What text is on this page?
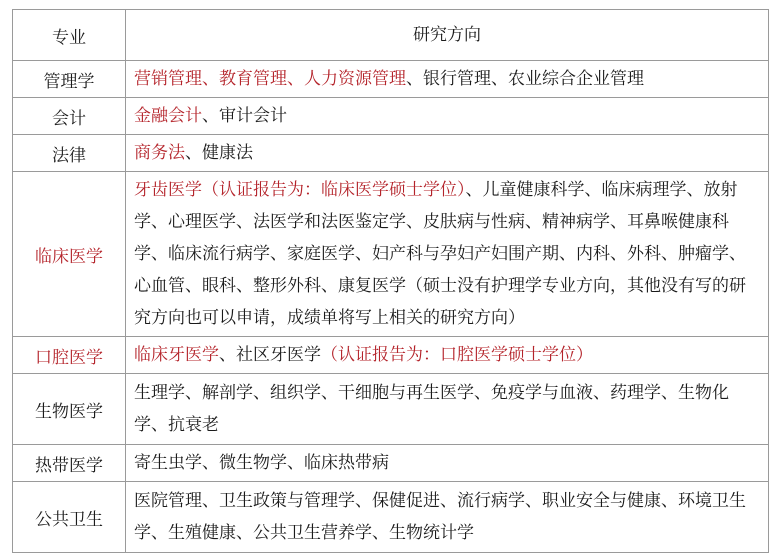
专业	研究方向
管理学	营销管理、教育管理、人力资源管理、银行管理、农业综合企业管理
会计	金融会计、审计会计
法律	商务法、健康法
临床医学	牙齿医学（认证报告为：临床医学硕士学位）、儿童健康科学、临床病理学、放射学、心理医学、法医学和法医鉴定学、皮肤病与性病、精神病学、耳鼻喉健康科学、临床流行病学、家庭医学、妇产科与孕妇产妇围产期、内科、外科、肿瘤学、心血管、眼科、整形外科、康复医学（硕士没有护理学专业方向，其他没有写的研究方向也可以申请，成绩单将写上相关的研究方向）
口腔医学	临床牙医学、社区牙医学（认证报告为：口腔医学硕士学位）
生物医学	生理学、解剖学、组织学、干细胞与再生医学、免疫学与血液、药理学、生物化学、抗衰老
热带医学	寄生虫学、微生物学、临床热带病
公共卫生	医院管理、卫生政策与管理学、保健促进、流行病学、职业安全与健康、环境卫生学、生殖健康、公共卫生营养学、生物统计学
